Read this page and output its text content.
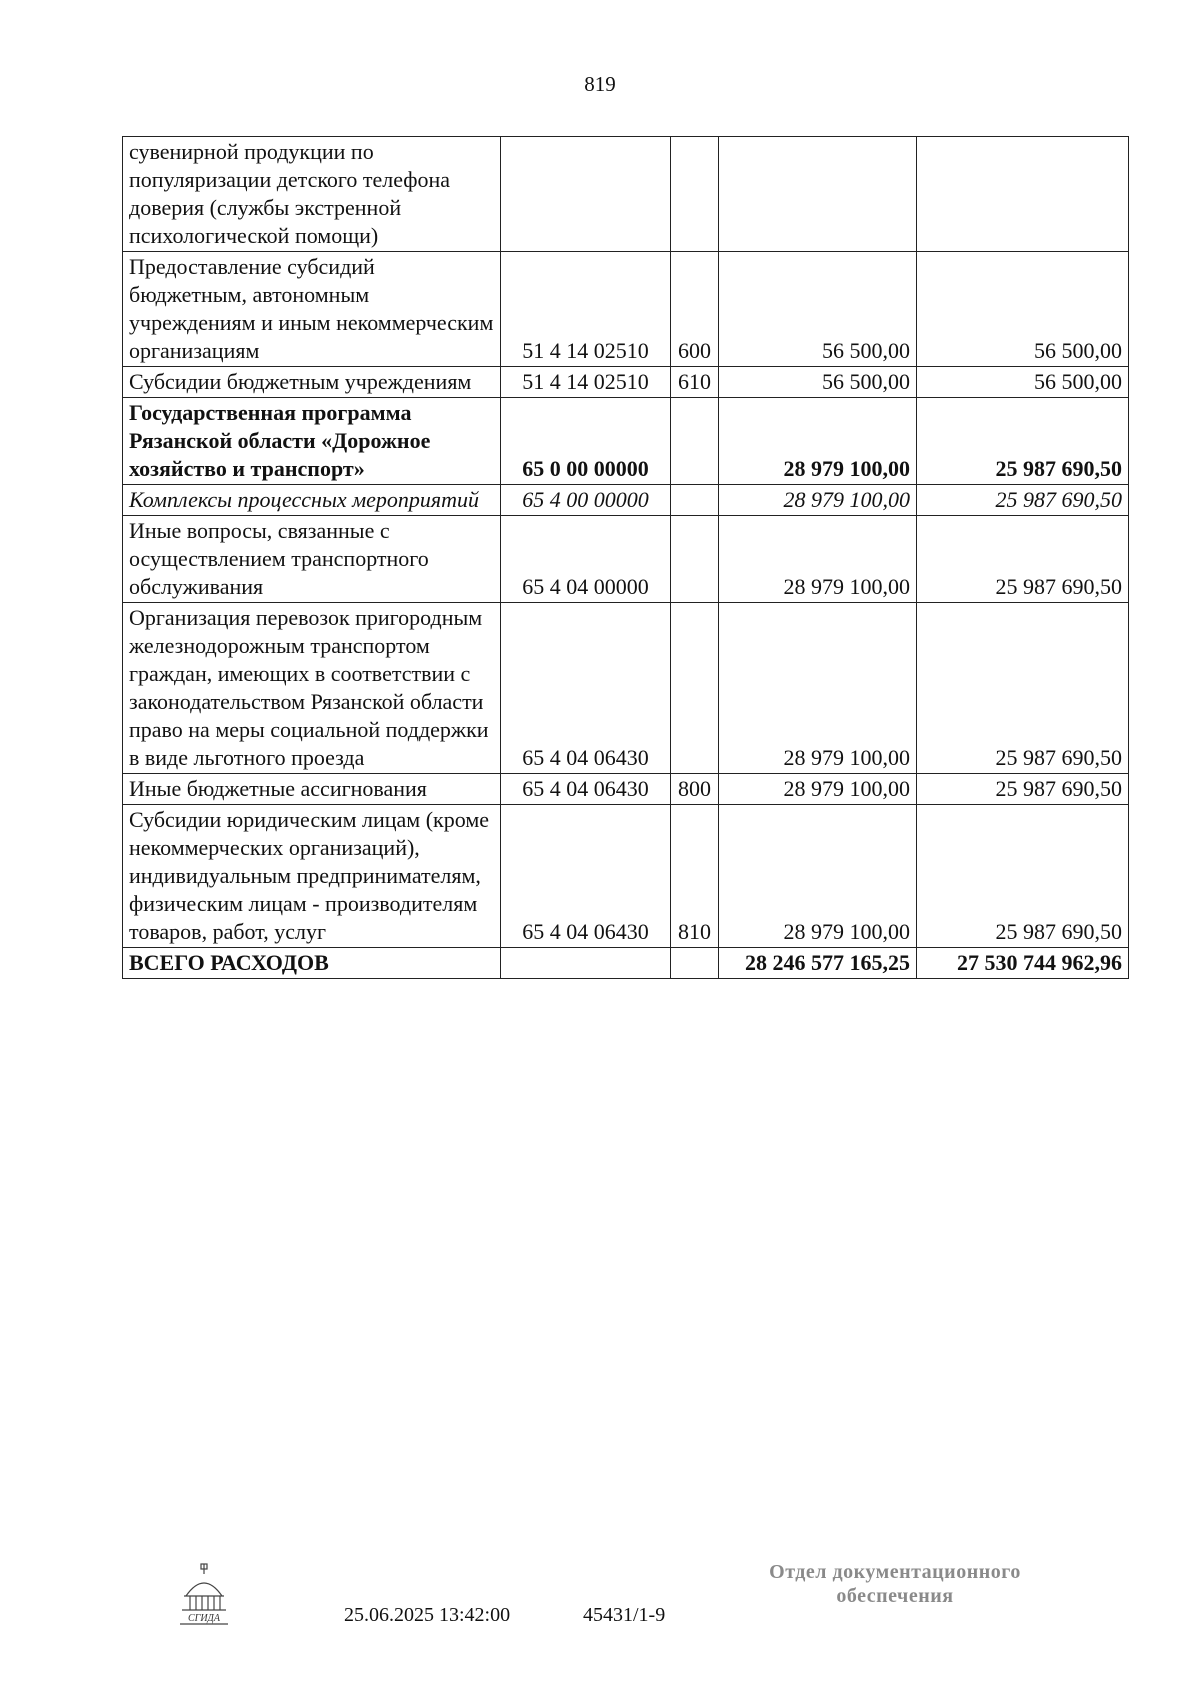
819
сувенирной продукции по популяризации детского телефона доверия (службы экстренной психологической помощи)				
Предоставление субсидий бюджетным, автономным учреждениям и иным некоммерческим организациям	51 4 14 02510	600	56 500,00	56 500,00
Субсидии бюджетным учреждениям	51 4 14 02510	610	56 500,00	56 500,00
Государственная программа Рязанской области «Дорожное хозяйство и транспорт»	65 0 00 00000		28 979 100,00	25 987 690,50
Комплексы процессных мероприятий	65 4 00 00000		28 979 100,00	25 987 690,50
Иные вопросы, связанные с осуществлением транспортного обслуживания	65 4 04 00000		28 979 100,00	25 987 690,50
Организация перевозок пригородным железнодорожным транспортом граждан, имеющих в соответствии с законодательством Рязанской области право на меры социальной поддержки в виде льготного проезда	65 4 04 06430		28 979 100,00	25 987 690,50
Иные бюджетные ассигнования	65 4 04 06430	800	28 979 100,00	25 987 690,50
Субсидии юридическим лицам (кроме некоммерческих организаций), индивидуальным предпринимателям, физическим лицам - производителям товаров, работ, услуг	65 4 04 06430	810	28 979 100,00	25 987 690,50
ВСЕГО РАСХОДОВ			28 246 577 165,25	27 530 744 962,96
СГИДА	25.06.2025 13:42:00	45431/1-9
Отдел документационного
обеспечения
